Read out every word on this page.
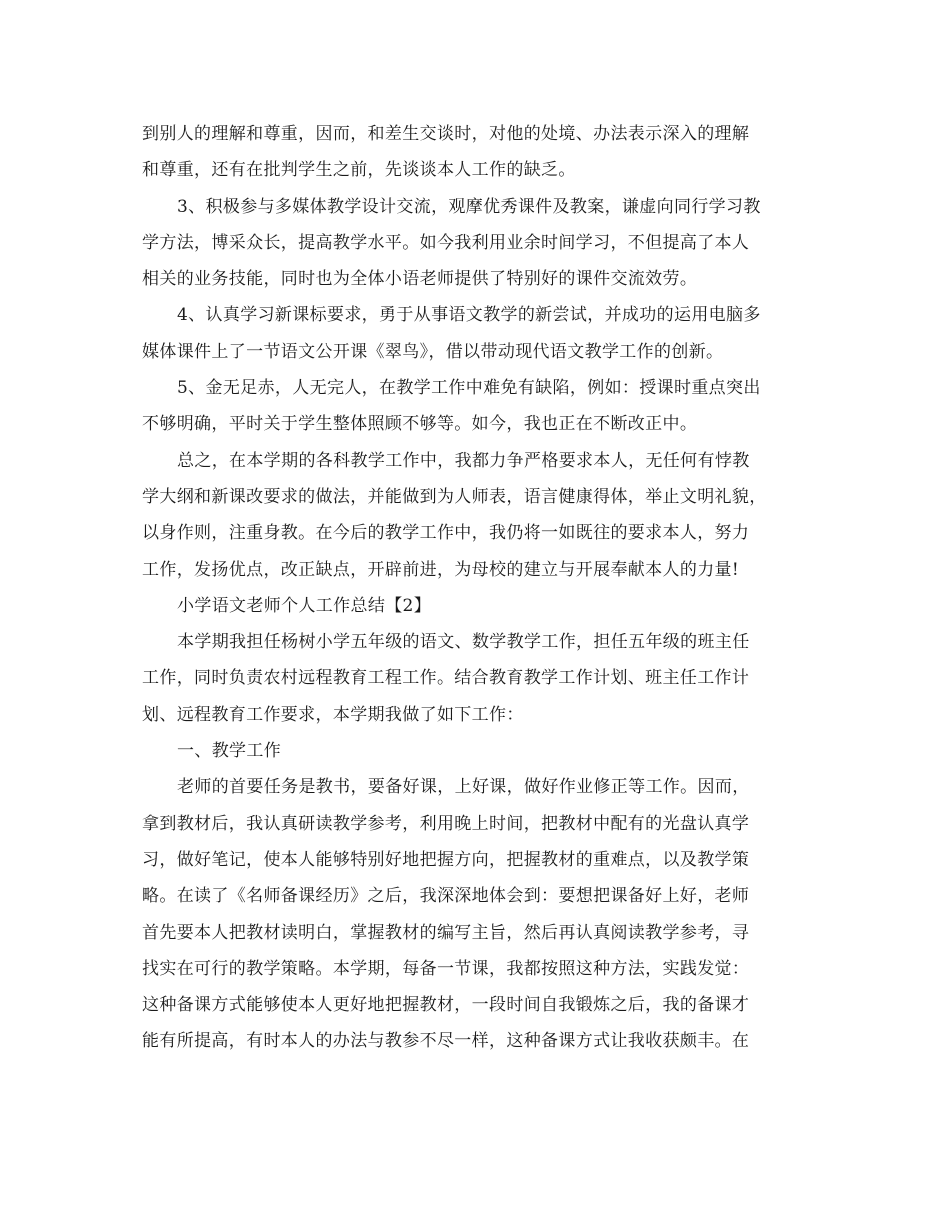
到别人的理解和尊重，因而，和差生交谈时，对他的处境、办法表示深入的理解
和尊重，还有在批判学生之前，先谈谈本人工作的缺乏。
3、积极参与多媒体教学设计交流，观摩优秀课件及教案，谦虚向同行学习教
学方法，博采众长，提高教学水平。如今我利用业余时间学习，不但提高了本人
相关的业务技能，同时也为全体小语老师提供了特别好的课件交流效劳。
4、认真学习新课标要求，勇于从事语文教学的新尝试，并成功的运用电脑多
媒体课件上了一节语文公开课《翠鸟》，借以带动现代语文教学工作的创新。
5、金无足赤，人无完人，在教学工作中难免有缺陷，例如：授课时重点突出
不够明确，平时关于学生整体照顾不够等。如今，我也正在不断改正中。
总之，在本学期的各科教学工作中，我都力争严格要求本人，无任何有悖教
学大纲和新课改要求的做法，并能做到为人师表，语言健康得体，举止文明礼貌，
以身作则，注重身教。在今后的教学工作中，我仍将一如既往的要求本人，努力
工作，发扬优点，改正缺点，开辟前进，为母校的建立与开展奉献本人的力量!
小学语文老师个人工作总结【2】
本学期我担任杨树小学五年级的语文、数学教学工作，担任五年级的班主任
工作，同时负责农村远程教育工程工作。结合教育教学工作计划、班主任工作计
划、远程教育工作要求，本学期我做了如下工作：
一、教学工作
老师的首要任务是教书，要备好课，上好课，做好作业修正等工作。因而，
拿到教材后，我认真研读教学参考，利用晚上时间，把教材中配有的光盘认真学
习，做好笔记，使本人能够特别好地把握方向，把握教材的重难点，以及教学策
略。在读了《名师备课经历》之后，我深深地体会到：要想把课备好上好，老师
首先要本人把教材读明白，掌握教材的编写主旨，然后再认真阅读教学参考，寻
找实在可行的教学策略。本学期，每备一节课，我都按照这种方法，实践发觉：
这种备课方式能够使本人更好地把握教材，一段时间自我锻炼之后，我的备课才
能有所提高，有时本人的办法与教参不尽一样，这种备课方式让我收获颇丰。在
